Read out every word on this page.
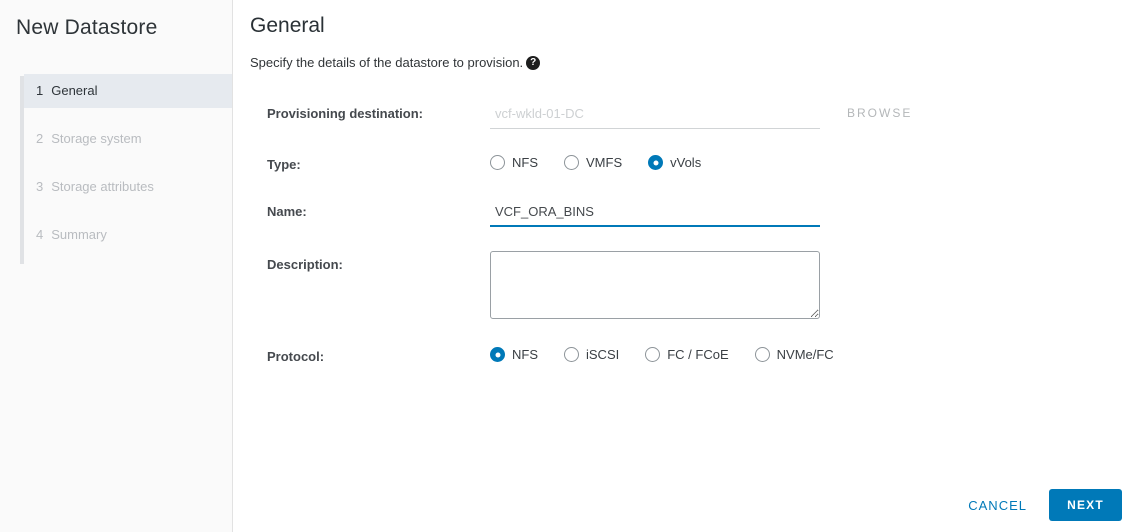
New Datastore
1 General
2 Storage system
3 Storage attributes
4 Summary
General
Specify the details of the datastore to provision. ?
Provisioning destination:
vcf-wkld-01-DC	BROWSE
Type:	NFS	VMFS	vVols
Name:
VCF_ORA_BINS
Description:
Protocol:	NFS	iSCSI	FC / FCoE	NVMe/FC
CANCEL	NEXT
